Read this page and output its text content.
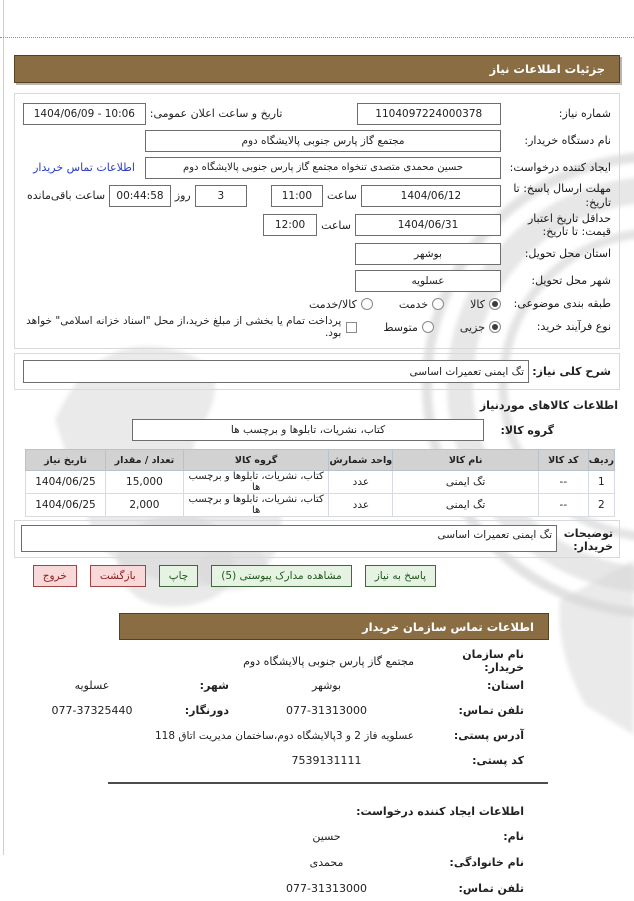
جزئیات اطلاعات نیاز
شماره نیاز:
1104097224000378
تاریخ و ساعت اعلان عمومی:
1404/06/09 - 10:06
نام دستگاه خریدار:
مجتمع گاز پارس جنوبی پالایشگاه دوم
ایجاد کننده درخواست:
حسین محمدی متصدی تنخواه مجتمع گاز پارس جنوبی پالایشگاه دوم
اطلاعات تماس خریدار
مهلت ارسال پاسخ: تا تاریخ:
1404/06/12
ساعت
11:00
3
روز
00:44:58
ساعت باقی‌مانده
حداقل تاریخ اعتبار قیمت: تا تاریخ:
1404/06/31
ساعت
12:00
استان محل تحویل:
بوشهر
شهر محل تحویل:
عسلویه
طبقه بندی موضوعی:
کالا
خدمت
کالا/خدمت
نوع فرآیند خرید:
جزیی
متوسط
پرداخت تمام یا بخشی از مبلغ خرید،از محل "اسناد خزانه اسلامی" خواهد بود.
شرح کلی نیاز:
تگ ایمنی تعمیرات اساسی
اطلاعات کالاهای موردنیاز
گروه کالا:
کتاب، نشریات، تابلوها و برچسب ها
ردیف	کد کالا	نام کالا	واحد شمارش	گروه کالا	تعداد / مقدار	تاریخ نیاز
1	--	تگ ایمنی	عدد	کتاب، نشریات، تابلوها و برچسب ها	15,000	1404/06/25
2	--	تگ ایمنی	عدد	کتاب، نشریات، تابلوها و برچسب ها	2,000	1404/06/25
توضیحات خریدار:
تگ ایمنی تعمیرات اساسی
پاسخ به نیاز
مشاهده مدارک پیوستی (5)
چاپ
بازگشت
خروج
اطلاعات تماس سازمان خریدار
نام سازمان خریدار:
مجتمع گاز پارس جنوبی پالایشگاه دوم
استان:
بوشهر
شهر:
عسلویه
تلفن تماس:
077-31313000
دورنگار:
077-37325440
آدرس پستی:
عسلویه فاز 2 و 3پالایشگاه دوم،ساختمان مدیریت اتاق 118
کد پستی:
7539131111
اطلاعات ایجاد کننده درخواست:
نام:
حسین
نام خانوادگی:
محمدی
تلفن تماس:
077-31313000
